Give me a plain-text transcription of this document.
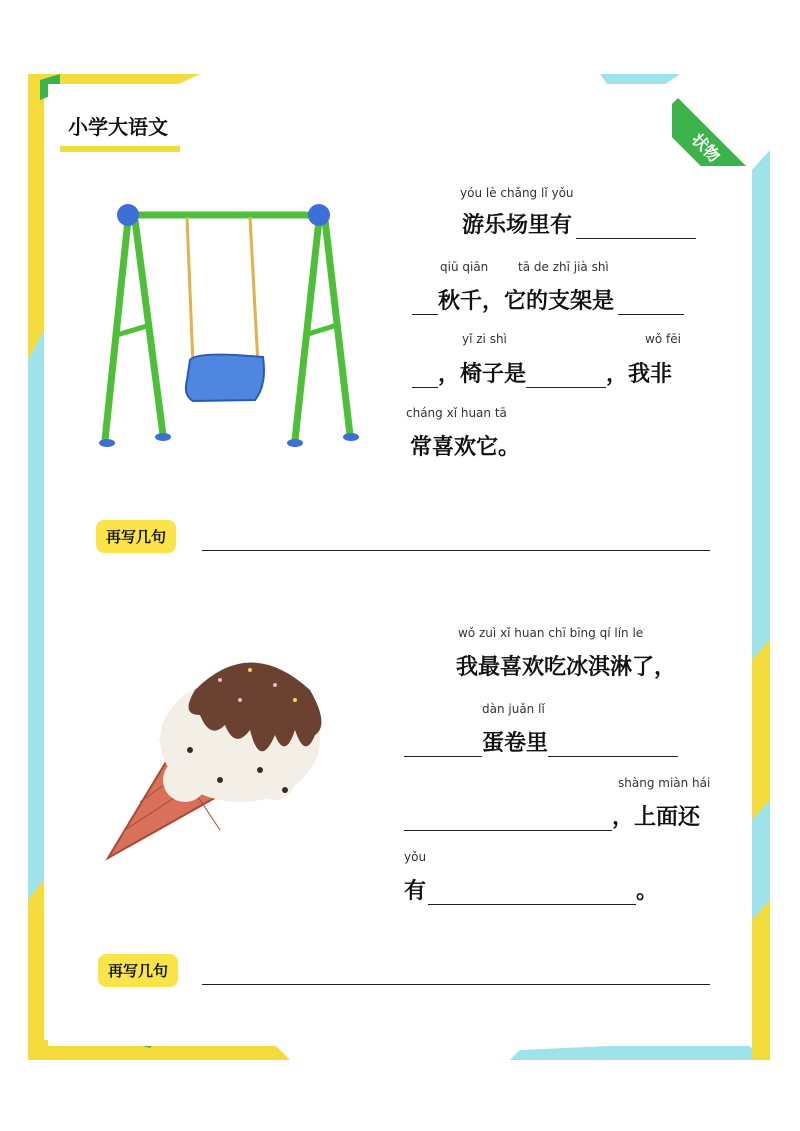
小学大语文
状物
yóu lè chǎng lǐ yǒu
游乐场里有
qiū qiān tā de zhī jià shì
秋千，它的支架是
yǐ zi shì	wǒ fēi
，椅子是	，我非
cháng xǐ huan tā
常喜欢它。
再写几句
wǒ zuì xǐ huan chī bīng qí lín le
我最喜欢吃冰淇淋了，
dàn juǎn lǐ
蛋卷里
shàng miàn hái
，上面还
yǒu
有	。
再写几句
